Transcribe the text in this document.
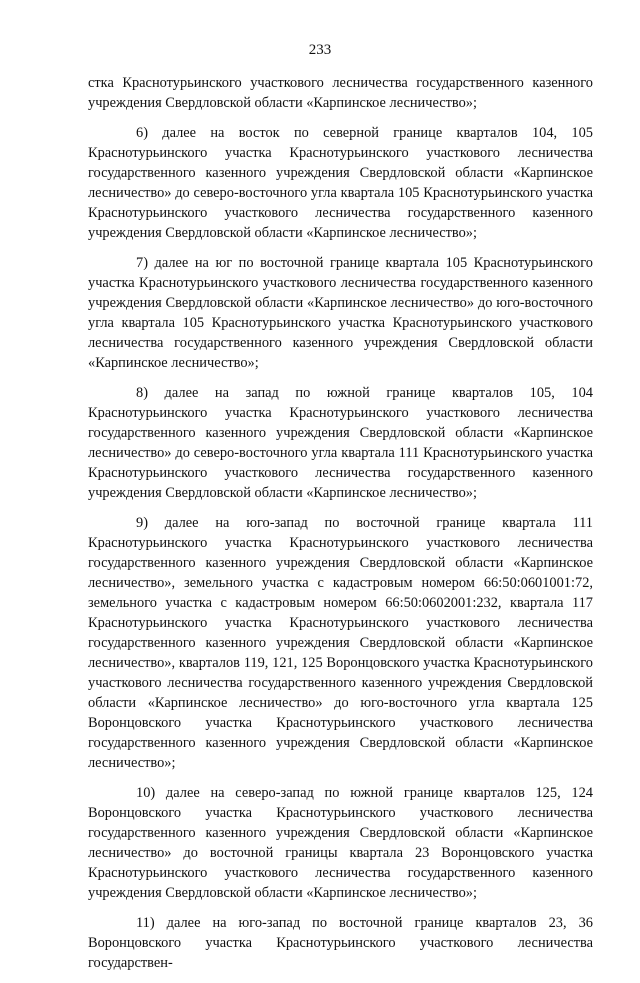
233

стка Краснотурьинского участкового лесничества государственного казенного учреждения Свердловской области «Карпинское лесничество»;

6) далее на восток по северной границе кварталов 104, 105 Краснотурьинского участка Краснотурьинского участкового лесничества государственного казенного учреждения Свердловской области «Карпинское лесничество» до северо-восточного угла квартала 105 Краснотурьинского участка Краснотурьинского участкового лесничества государственного казенного учреждения Свердловской области «Карпинское лесничество»;

7) далее на юг по восточной границе квартала 105 Краснотурьинского участка Краснотурьинского участкового лесничества государственного казенного учреждения Свердловской области «Карпинское лесничество» до юго-восточного угла квартала 105 Краснотурьинского участка Краснотурьинского участкового лесничества государственного казенного учреждения Свердловской области «Карпинское лесничество»;

8) далее на запад по южной границе кварталов 105, 104 Краснотурьинского участка Краснотурьинского участкового лесничества государственного казенного учреждения Свердловской области «Карпинское лесничество» до северо-восточного угла квартала 111 Краснотурьинского участка Краснотурьинского участкового лесничества государственного казенного учреждения Свердловской области «Карпинское лесничество»;

9) далее на юго-запад по восточной границе квартала 111 Краснотурьинского участка Краснотурьинского участкового лесничества государственного казенного учреждения Свердловской области «Карпинское лесничество», земельного участка с кадастровым номером 66:50:0601001:72, земельного участка с кадастровым номером 66:50:0602001:232, квартала 117 Краснотурьинского участка Краснотурьинского участкового лесничества государственного казенного учреждения Свердловской области «Карпинское лесничество», кварталов 119, 121, 125 Воронцовского участка Краснотурьинского участкового лесничества государственного казенного учреждения Свердловской области «Карпинское лесничество» до юго-восточного угла квартала 125 Воронцовского участка Краснотурьинского участкового лесничества государственного казенного учреждения Свердловской области «Карпинское лесничество»;

10) далее на северо-запад по южной границе кварталов 125, 124 Воронцовского участка Краснотурьинского участкового лесничества государственного казенного учреждения Свердловской области «Карпинское лесничество» до восточной границы квартала 23 Воронцовского участка Краснотурьинского участкового лесничества государственного казенного учреждения Свердловской области «Карпинское лесничество»;

11) далее на юго-запад по восточной границе кварталов 23, 36 Воронцовского участка Краснотурьинского участкового лесничества государствен-
